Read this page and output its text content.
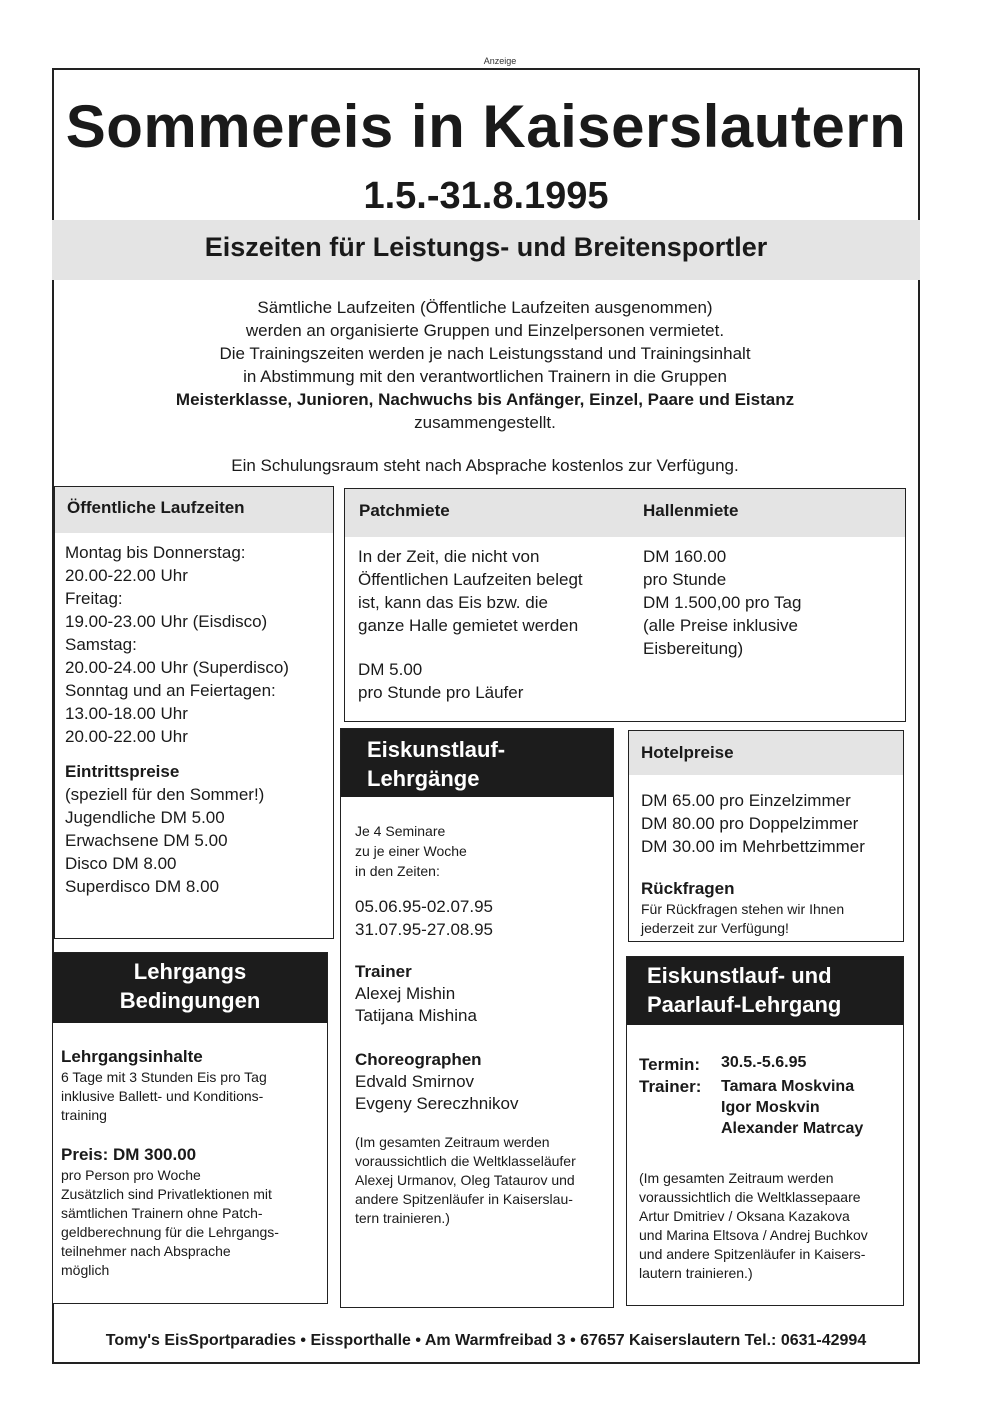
Anzeige
Sommereis in Kaiserslautern
1.5.-31.8.1995
Eiszeiten für Leistungs- und Breitensportler

Sämtliche Laufzeiten (Öffentliche Laufzeiten ausgenommen)

werden an organisierte Gruppen und Einzelpersonen vermietet.

Die Trainingszeiten werden je nach Leistungsstand und Trainingsinhalt

in Abstimmung mit den verantwortlichen Trainern in die Gruppen

Meisterklasse, Junioren, Nachwuchs bis Anfänger, Einzel, Paare und Eistanz

zusammengestellt.

Ein Schulungsraum steht nach Absprache kostenlos zur Verfügung.
Öffentliche Laufzeiten

Montag bis Donnerstag:

20.00-22.00 Uhr

Freitag:

19.00-23.00 Uhr (Eisdisco)

Samstag:

20.00-24.00 Uhr (Superdisco)

Sonntag und an Feiertagen:

13.00-18.00 Uhr

20.00-22.00 Uhr

Eintrittspreise

(speziell für den Sommer!)

Jugendliche DM 5.00

Erwachsene DM 5.00

Disco DM 8.00

Superdisco DM 8.00

Patchmiete	Hallenmiete

In der Zeit, die nicht von

Öffentlichen Laufzeiten belegt

ist, kann das Eis bzw. die

ganze Halle gemietet werden

DM 5.00

pro Stunde pro Läufer

DM 160.00

pro Stunde

DM 1.500,00 pro Tag

(alle Preise inklusive

Eisbereitung)

Lehrgangs
Bedingungen
Lehrgangsinhalte

6 Tage mit 3 Stunden Eis pro Tag

inklusive Ballett- und Konditions-

training

Preis: DM 300.00

pro Person pro Woche

Zusätzlich sind Privatlektionen mit

sämtlichen Trainern ohne Patch-

geldberechnung für die Lehrgangs-

teilnehmer nach Absprache

möglich

Eiskunstlauf-
Lehrgänge

Je 4 Seminare

zu je einer Woche

in den Zeiten:

05.06.95-02.07.95

31.07.95-27.08.95

Trainer

Alexej Mishin

Tatijana Mishina

Choreographen

Edvald Smirnov

Evgeny Sereczhnikov

(Im gesamten Zeitraum werden

voraussichtlich die Weltklasseläufer

Alexej Urmanov, Oleg Tataurov und

andere Spitzenläufer in Kaiserslau-

tern trainieren.)

Hotelpreise

DM 65.00 pro Einzelzimmer

DM 80.00 pro Doppelzimmer

DM 30.00 im Mehrbettzimmer

Rückfragen

Für Rückfragen stehen wir Ihnen

jederzeit zur Verfügung!

Eiskunstlauf- und
Paarlauf-Lehrgang
Termin: 30.5.-5.6.95
Trainer: Tamara Moskvina
Igor Moskvin
Alexander Matrcay

(Im gesamten Zeitraum werden

voraussichtlich die Weltklassepaare

Artur Dmitriev / Oksana Kazakova

und Marina Eltsova / Andrej Buchkov

und andere Spitzenläufer in Kaisers-

lautern trainieren.)

Tomy's EisSportparadies • Eissporthalle • Am Warmfreibad 3 • 67657 Kaiserslautern Tel.: 0631-42994
